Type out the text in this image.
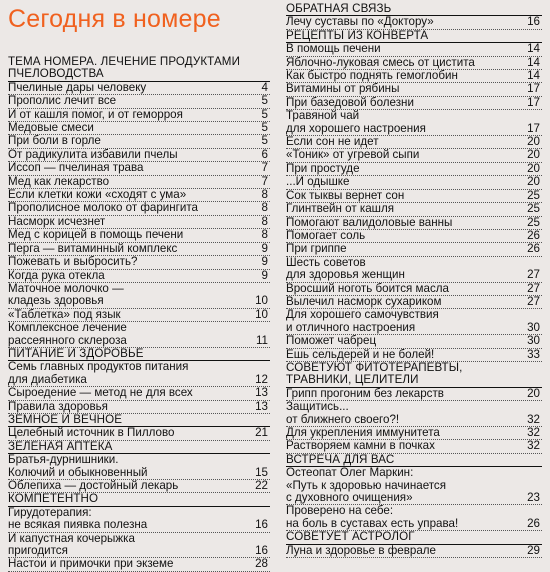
Сегодня в номере
ТЕМА НОМЕРА. ЛЕЧЕНИЕ ПРОДУКТАМИ
ПЧЕЛОВОДСТВА
Пчелиные дары человеку	4
Прополис лечит все	5
И от кашля помог, и от геморроя	5
Медовые смеси	5
При боли в горле	5
От радикулита избавили пчелы	6
Иссоп — пчелиная трава	7
Мед как лекарство	7
Если клетки кожи «сходят с ума»	8
Прополисное молоко от фарингита	8
Насморк исчезнет	8
Мед с корицей в помощь печени	8
Перга — витаминный комплекс	9
Пожевать и выбросить?	9
Когда рука отекла	9
Маточное молочко —
кладезь здоровья	10
«Таблетка» под язык	10
Комплексное лечение
рассеянного склероза	11
ПИТАНИЕ И ЗДОРОВЬЕ
Семь главных продуктов питания
для диабетика	12
Сыроедение — метод не для всех	13
Правила здоровья	13
ЗЕМНОЕ И ВЕЧНОЕ
Целебный источник в Пиллово	21
ЗЕЛЕНАЯ АПТЕКА
Братья-дурнишники.
Колючий и обыкновенный	15
Облепиха — достойный лекарь	22
КОМПЕТЕНТНО
Гирудотерапия:
не всякая пиявка полезна	16
И капустная кочерыжка
пригодится	16
Настои и примочки при экземе	28
ОБРАТНАЯ СВЯЗЬ
Лечу суставы по «Доктору»	16
РЕЦЕПТЫ ИЗ КОНВЕРТА
В помощь печени	14
Яблочно-луковая смесь от цистита	14
Как быстро поднять гемоглобин	14
Витамины от рябины	17
При базедовой болезни	17
Травяной чай
для хорошего настроения	17
Если сон не идет	20
«Тоник» от угревой сыпи	20
При простуде	20
...И одышке	20
Сок тыквы вернет сон	25
Глинтвейн от кашля	25
Помогают валидоловые ванны	25
Помогает соль	26
При гриппе	26
Шесть советов
для здоровья женщин	27
Вросший ноготь боится масла	27
Вылечил насморк сухариком	27
Для хорошего самочувствия
и отличного настроения	30
Поможет чабрец	30
Ешь сельдерей и не болей!	33
СОВЕТУЮТ ФИТОТЕРАПЕВТЫ,
ТРАВНИКИ, ЦЕЛИТЕЛИ
Грипп прогоним без лекарств	20
Защитись...
от ближнего своего?!	32
Для укрепления иммунитета	32
Растворяем камни в почках	32
ВСТРЕЧА ДЛЯ ВАС
Остеопат Олег Маркин:
«Путь к здоровью начинается
с духовного очищения»	23
Проверено на себе:
на боль в суставах есть управа!	26
СОВЕТУЕТ АСТРОЛОГ
Луна и здоровье в феврале	29
